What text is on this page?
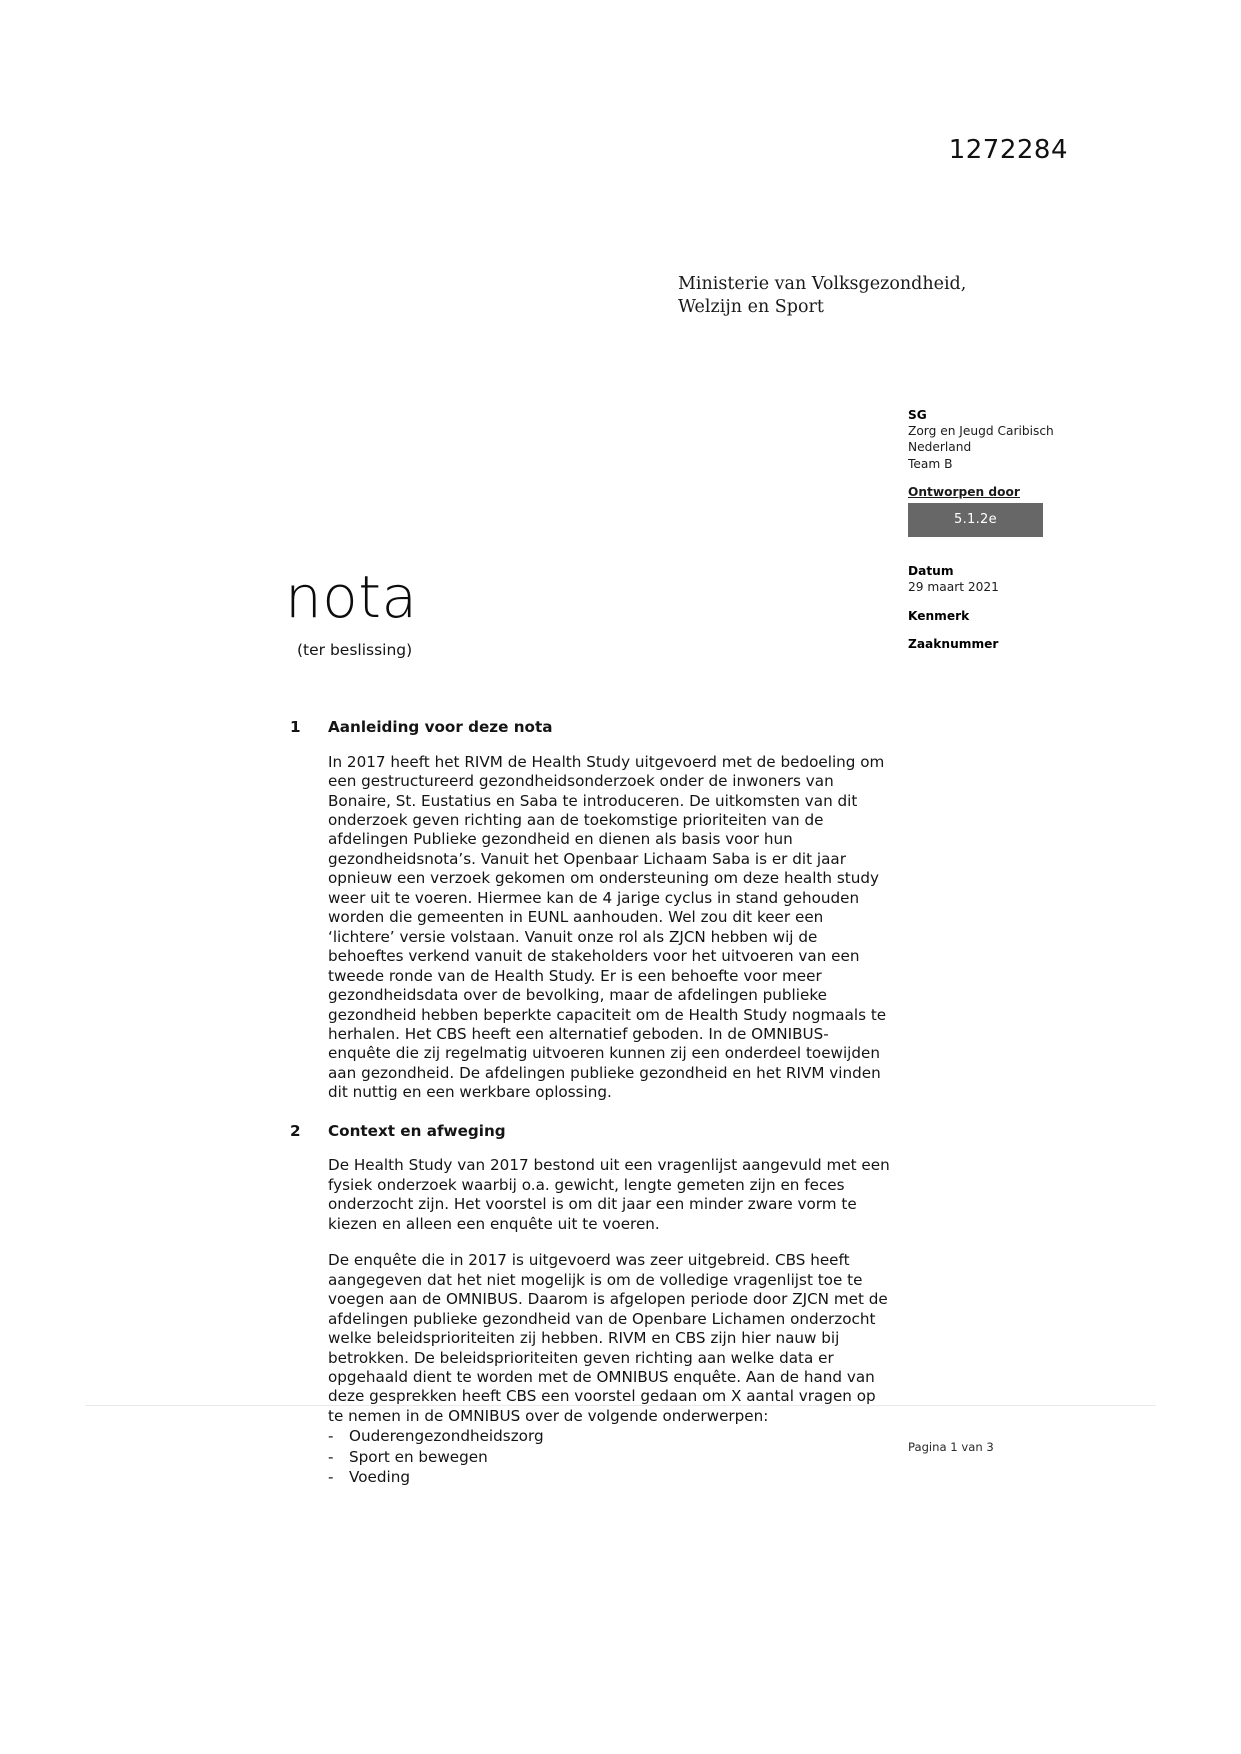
1272284
Ministerie van Volksgezondheid,
Welzijn en Sport
SG
Zorg en Jeugd Caribisch
Nederland
Team B
Ontworpen door
5.1.2e
Datum
29 maart 2021
Kenmerk
Zaaknummer
nota
(ter beslissing)
1	Aanleiding voor deze nota

In 2017 heeft het RIVM de Health Study uitgevoerd met de bedoeling om een gestructureerd gezondheidsonderzoek onder de inwoners van Bonaire, St. Eustatius en Saba te introduceren. De uitkomsten van dit onderzoek geven richting aan de toekomstige prioriteiten van de afdelingen Publieke gezondheid en dienen als basis voor hun gezondheidsnota’s. Vanuit het Openbaar Lichaam Saba is er dit jaar opnieuw een verzoek gekomen om ondersteuning om deze health study weer uit te voeren. Hiermee kan de 4 jarige cyclus in stand gehouden worden die gemeenten in EUNL aanhouden. Wel zou dit keer een ‘lichtere’ versie volstaan. Vanuit onze rol als ZJCN hebben wij de behoeftes verkend vanuit de stakeholders voor het uitvoeren van een tweede ronde van de Health Study. Er is een behoefte voor meer gezondheidsdata over de bevolking, maar de afdelingen publieke gezondheid hebben beperkte capaciteit om de Health Study nogmaals te herhalen. Het CBS heeft een alternatief geboden. In de OMNIBUS-enquête die zij regelmatig uitvoeren kunnen zij een onderdeel toewijden aan gezondheid. De afdelingen publieke gezondheid en het RIVM vinden dit nuttig en een werkbare oplossing.

2	Context en afweging

De Health Study van 2017 bestond uit een vragenlijst aangevuld met een fysiek onderzoek waarbij o.a. gewicht, lengte gemeten zijn en feces onderzocht zijn. Het voorstel is om dit jaar een minder zware vorm te kiezen en alleen een enquête uit te voeren.

De enquête die in 2017 is uitgevoerd was zeer uitgebreid. CBS heeft aangegeven dat het niet mogelijk is om de volledige vragenlijst toe te voegen aan de OMNIBUS. Daarom is afgelopen periode door ZJCN met de afdelingen publieke gezondheid van de Openbare Lichamen onderzocht welke beleidsprioriteiten zij hebben. RIVM en CBS zijn hier nauw bij betrokken. De beleidsprioriteiten geven richting aan welke data er opgehaald dient te worden met de OMNIBUS enquête. Aan de hand van deze gesprekken heeft CBS een voorstel gedaan om X aantal vragen op te nemen in de OMNIBUS over de volgende onderwerpen:

-	Ouderengezondheidszorg
-	Sport en bewegen
-	Voeding
Pagina 1 van 3
